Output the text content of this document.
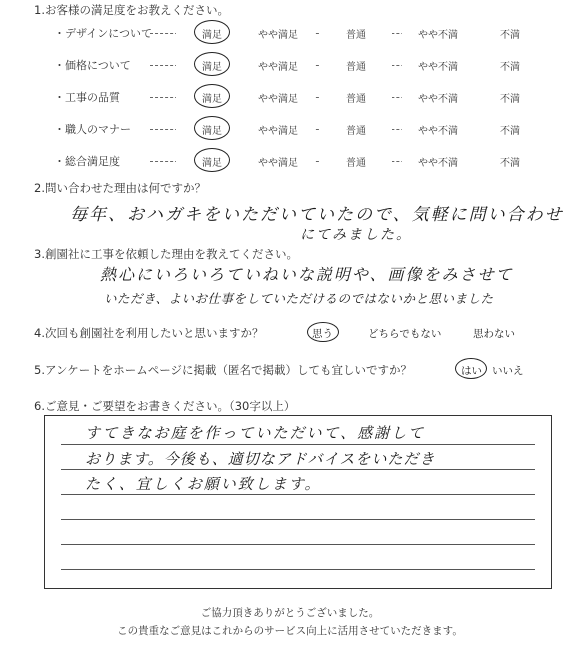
1.お客様の満足度をお教えください。
・デザインについて	満足	やや満足	普通	やや不満	不満
・価格について	満足	やや満足	普通	やや不満	不満
・工事の品質	満足	やや満足	普通	やや不満	不満
・職人のマナー	満足	やや満足	普通	やや不満	不満
・総合満足度	満足	やや満足	普通	やや不満	不満
2.問い合わせた理由は何ですか？
毎年、おハガキをいただいていたので、気軽に問い合わせ
にてみました。
3.創園社に工事を依頼した理由を教えてください。
熱心にいろいろていねいな説明や、画像をみさせて
いただき、よいお仕事をしていただけるのではないかと思いました
4.次回も創園社を利用したいと思いますか？	思う	どちらでもない	思わない
5.アンケートをホームページに掲載（匿名で掲載）しても宜しいですか？	はい いいえ
6.ご意見・ご要望をお書きください。（30字以上）
すてきなお庭を作っていただいて、感謝して
おります。今後も、適切なアドバイスをいただき
たく、宜しくお願い致します。
ご協力頂きありがとうございました。
この貴重なご意見はこれからのサービス向上に活用させていただきます。
